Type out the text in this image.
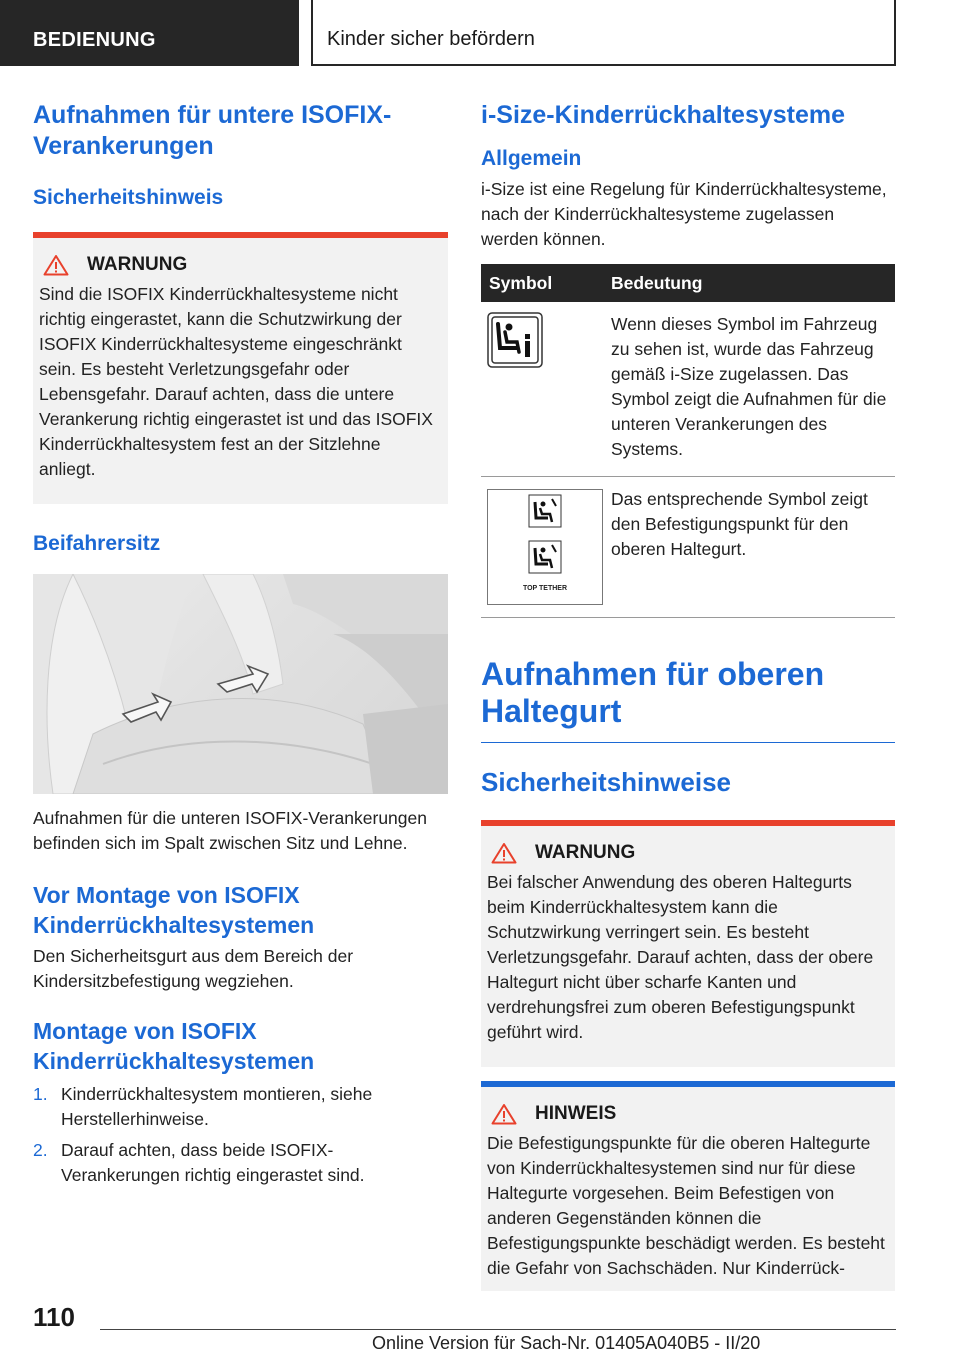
BEDIENUNG	Kinder sicher befördern
Aufnahmen für untere ISOFIX-Verankerungen
Sicherheitshinweis
WARNUNG
Sind die ISOFIX Kinderrückhaltesysteme nicht richtig eingerastet, kann die Schutzwirkung der ISOFIX Kinderrückhaltesysteme eingeschränkt sein. Es besteht Verletzungsgefahr oder Lebensgefahr. Darauf achten, dass die untere Verankerung richtig eingerastet ist und das ISOFIX Kinderrückhaltesystem fest an der Sitzlehne anliegt.
Beifahrersitz
Aufnahmen für die unteren ISOFIX-Verankerungen befinden sich im Spalt zwischen Sitz und Lehne.
Vor Montage von ISOFIX Kinderrückhaltesystemen
Den Sicherheitsgurt aus dem Bereich der Kindersitzbefestigung wegziehen.
Montage von ISOFIX Kinderrückhaltesystemen
1. Kinderrückhaltesystem montieren, siehe Herstellerhinweise.
2. Darauf achten, dass beide ISOFIX-Verankerungen richtig eingerastet sind.
i-Size-Kinderrückhaltesysteme
Allgemein
i-Size ist eine Regelung für Kinderrückhaltesysteme, nach der Kinderrückhaltesysteme zugelassen werden können.
Symbol	Bedeutung
	Wenn dieses Symbol im Fahrzeug zu sehen ist, wurde das Fahrzeug gemäß i-Size zugelassen. Das Symbol zeigt die Aufnahmen für die unteren Verankerungen des Systems.

TOP TETHER	Das entsprechende Symbol zeigt den Befestigungspunkt für den oberen Haltegurt.
Aufnahmen für oberen Haltegurt
Sicherheitshinweise
WARNUNG
Bei falscher Anwendung des oberen Haltegurts beim Kinderrückhaltesystem kann die Schutzwirkung verringert sein. Es besteht Verletzungsgefahr. Darauf achten, dass der obere Haltegurt nicht über scharfe Kanten und verdrehungsfrei zum oberen Befestigungspunkt geführt wird.
HINWEIS
Die Befestigungspunkte für die oberen Haltegurte von Kinderrückhaltesystemen sind nur für diese Haltegurte vorgesehen. Beim Befestigen von anderen Gegenständen können die Befestigungspunkte beschädigt werden. Es besteht die Gefahr von Sachschäden. Nur Kinderrück-
110
Online Version für Sach-Nr. 01405A040B5 - II/20
